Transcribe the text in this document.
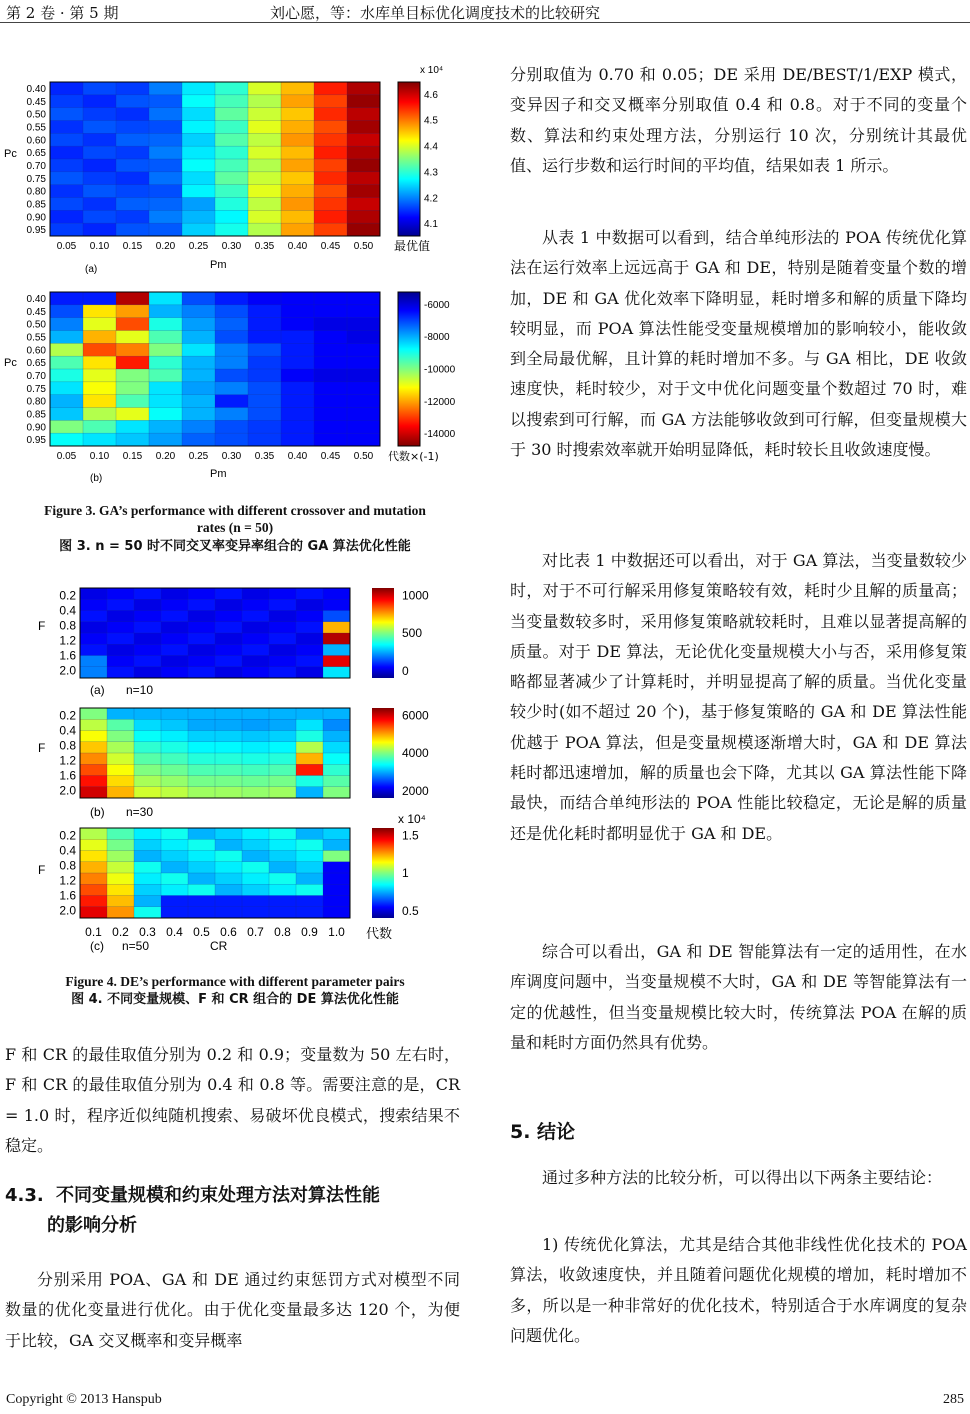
第 2 卷 · 第 5 期	刘心愿，等：水库单目标优化调度技术的比较研究
Pc
Pm
(a)
0.40
0.45
0.50
0.55
0.60
0.65
0.70
0.75
0.80
0.85
0.90
0.95
0.05 0.10 0.15 0.20 0.25 0.30 0.35 0.40 0.45 0.50
x 10⁴
4.6
4.5
4.4
4.3
4.2
4.1
最优值
Pc
Pm
(b)
0.40
0.45
0.50
0.55
0.60
0.65
0.70
0.75
0.80
0.85
0.90
0.95
0.05 0.10 0.15 0.20 0.25 0.30 0.35 0.40 0.45 0.50
-6000
-8000
-10000
-12000
-14000
代数×(-1)
Figure 3. GA’s performance with different crossover and mutation
rates (n = 50)
图 3. n = 50 时不同交叉率变异率组合的 GA 算法优化性能
0.2
0.4
0.8
1.2
1.6
2.0
0.2
0.4
0.8
1.2
1.6
2.0
0.2
0.4
0.8
1.2
1.6
2.0
0.1 0.2 0.3 0.4 0.5 0.6 0.7 0.8 0.9 1.0
1000
500
0
6000
4000
2000
1.5
1
0.5
F
F
F
(a) n=10
(b) n=30
(c) n=50	CR
x 10⁴
代数
Figure 4. DE’s performance with different parameter pairs
图 4. 不同变量规模、F 和 CR 组合的 DE 算法优化性能
F 和 CR 的最佳取值分别为 0.2 和 0.9；变量数为 50 左右时，F 和 CR 的最佳取值分别为 0.4 和 0.8 等。需要注意的是，CR = 1.0 时，程序近似纯随机搜索、易破坏优良模式，搜索结果不稳定。
4.3. 不同变量规模和约束处理方法对算法性能
的影响分析
分别采用 POA、GA 和 DE 通过约束惩罚方式对模型不同数量的优化变量进行优化。由于优化变量最多达 120 个，为便于比较，GA 交叉概率和变异概率
分别取值为 0.70 和 0.05；DE 采用 DE/BEST/1/EXP 模式，变异因子和交叉概率分别取值 0.4 和 0.8。对于不同的变量个数、算法和约束处理方法，分别运行 10 次，分别统计其最优值、运行步数和运行时间的平均值，结果如表 1 所示。
从表 1 中数据可以看到，结合单纯形法的 POA 传统优化算法在运行效率上远远高于 GA 和 DE，特别是随着变量个数的增加，DE 和 GA 优化效率下降明显，耗时增多和解的质量下降均较明显，而 POA 算法性能受变量规模增加的影响较小，能收敛到全局最优解，且计算的耗时增加不多。与 GA 相比，DE 收敛速度快，耗时较少，对于文中优化问题变量个数超过 70 时，难以搜索到可行解，而 GA 方法能够收敛到可行解，但变量规模大于 30 时搜索效率就开始明显降低，耗时较长且收敛速度慢。
对比表 1 中数据还可以看出，对于 GA 算法，当变量数较少时，对于不可行解采用修复策略较有效，耗时少且解的质量高；当变量数较多时，采用修复策略就较耗时，且难以显著提高解的质量。对于 DE 算法，无论优化变量规模大小与否，采用修复策略都显著减少了计算耗时，并明显提高了解的质量。当优化变量较少时(如不超过 20 个)，基于修复策略的 GA 和 DE 算法性能优越于 POA 算法，但是变量规模逐渐增大时，GA 和 DE 算法耗时都迅速增加，解的质量也会下降，尤其以 GA 算法性能下降最快，而结合单纯形法的 POA 性能比较稳定，无论是解的质量还是优化耗时都明显优于 GA 和 DE。
综合可以看出，GA 和 DE 智能算法有一定的适用性，在水库调度问题中，当变量规模不大时，GA 和 DE 等智能算法有一定的优越性，但当变量规模比较大时，传统算法 POA 在解的质量和耗时方面仍然具有优势。
5. 结论
通过多种方法的比较分析，可以得出以下两条主要结论：
1) 传统优化算法，尤其是结合其他非线性优化技术的 POA 算法，收敛速度快，并且随着问题优化规模的增加，耗时增加不多，所以是一种非常好的优化技术，特别适合于水库调度的复杂问题优化。
Copyright © 2013 Hanspub	285
